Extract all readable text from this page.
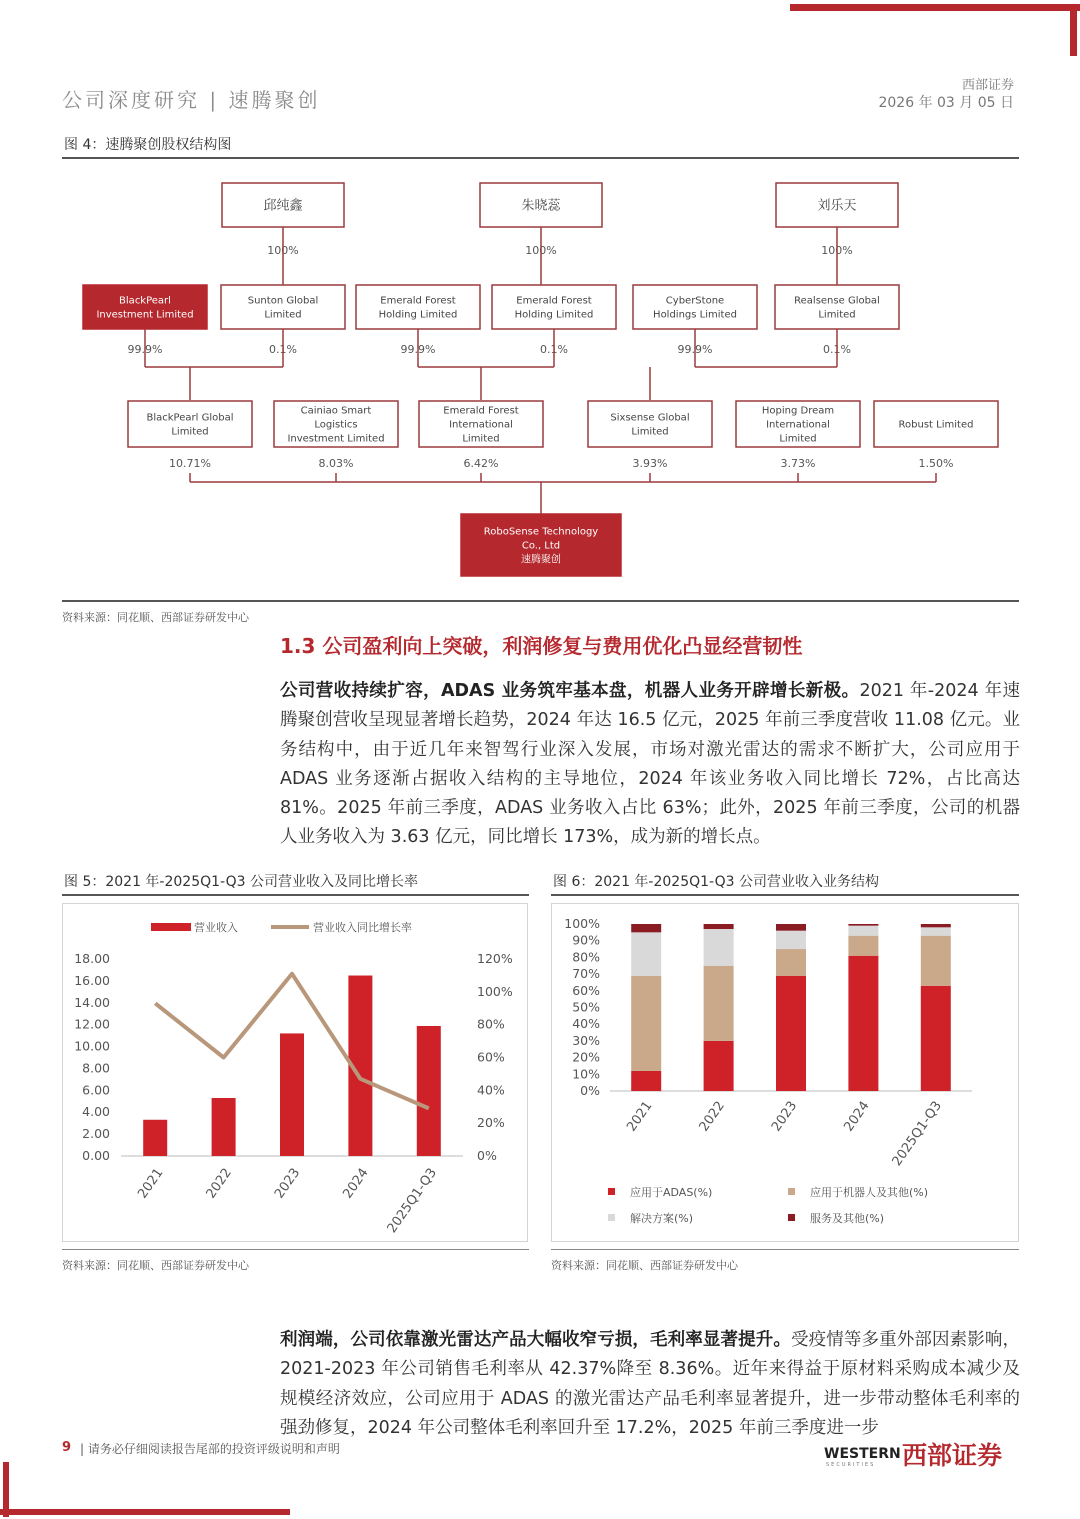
公司深度研究 | 速腾聚创
西部证券
2026 年 03 月 05 日
图 4：速腾聚创股权结构图
邱纯鑫
100%
朱晓蕊
100%
刘乐天
100%
BlackPearl
Investment Limited
99.9%
Sunton Global
Limited
0.1%
Emerald Forest
Holding Limited
99.9%
Emerald Forest
Holding Limited
0.1%
CyberStone
Holdings Limited
99.9%
Realsense Global
Limited
0.1%
BlackPearl Global
Limited
10.71%
Cainiao Smart
Logistics
Investment Limited
8.03%
Emerald Forest
International
Limited
6.42%
Sixsense Global
Limited
3.93%
Hoping Dream
International
Limited
3.73%
Robust Limited
1.50%
RoboSense Technology
Co., Ltd
速腾聚创
资料来源：同花顺、西部证券研发中心
1.3 公司盈利向上突破，利润修复与费用优化凸显经营韧性
公司营收持续扩容，ADAS 业务筑牢基本盘，机器人业务开辟增长新极。2021 年-2024 年速腾聚创营收呈现显著增长趋势，2024 年达 16.5 亿元，2025 年前三季度营收 11.08 亿元。业务结构中，由于近几年来智驾行业深入发展，市场对激光雷达的需求不断扩大，公司应用于 ADAS 业务逐渐占据收入结构的主导地位，2024 年该业务收入同比增长 72%，占比高达 81%。2025 年前三季度，ADAS 业务收入占比 63%；此外，2025 年前三季度，公司的机器人业务收入为 3.63 亿元，同比增长 173%，成为新的增长点。
图 5：2021 年-2025Q1-Q3 公司营业收入及同比增长率
营业收入	营业收入同比增长率
0.00
2.00
4.00
6.00
8.00
10.00
12.00
14.00
16.00
18.00
0%
20%
40%
60%
80%
100%
120%
2021	2022	2023	2024 2025Q1-Q3
资料来源：同花顺、西部证券研发中心
图 6：2021 年-2025Q1-Q3 公司营业收入业务结构
0%
10%
20%
30%
40%
50%
60%
70%
80%
90%
100%
2021	2022	2023	2024 2025Q1-Q3
应用于ADAS(%)	应用于机器人及其他(%)
解决方案(%)	服务及其他(%)
资料来源：同花顺、西部证券研发中心
利润端，公司依靠激光雷达产品大幅收窄亏损，毛利率显著提升。受疫情等多重外部因素影响，2021-2023 年公司销售毛利率从 42.37%降至 8.36%。近年来得益于原材料采购成本减少及规模经济效应，公司应用于 ADAS 的激光雷达产品毛利率显著提升，进一步带动整体毛利率的强劲修复，2024 年公司整体毛利率回升至 17.2%，2025 年前三季度进一步
9 | 请务必仔细阅读报告尾部的投资评级说明和声明	WESTERN
SECURITIES 西部证券
